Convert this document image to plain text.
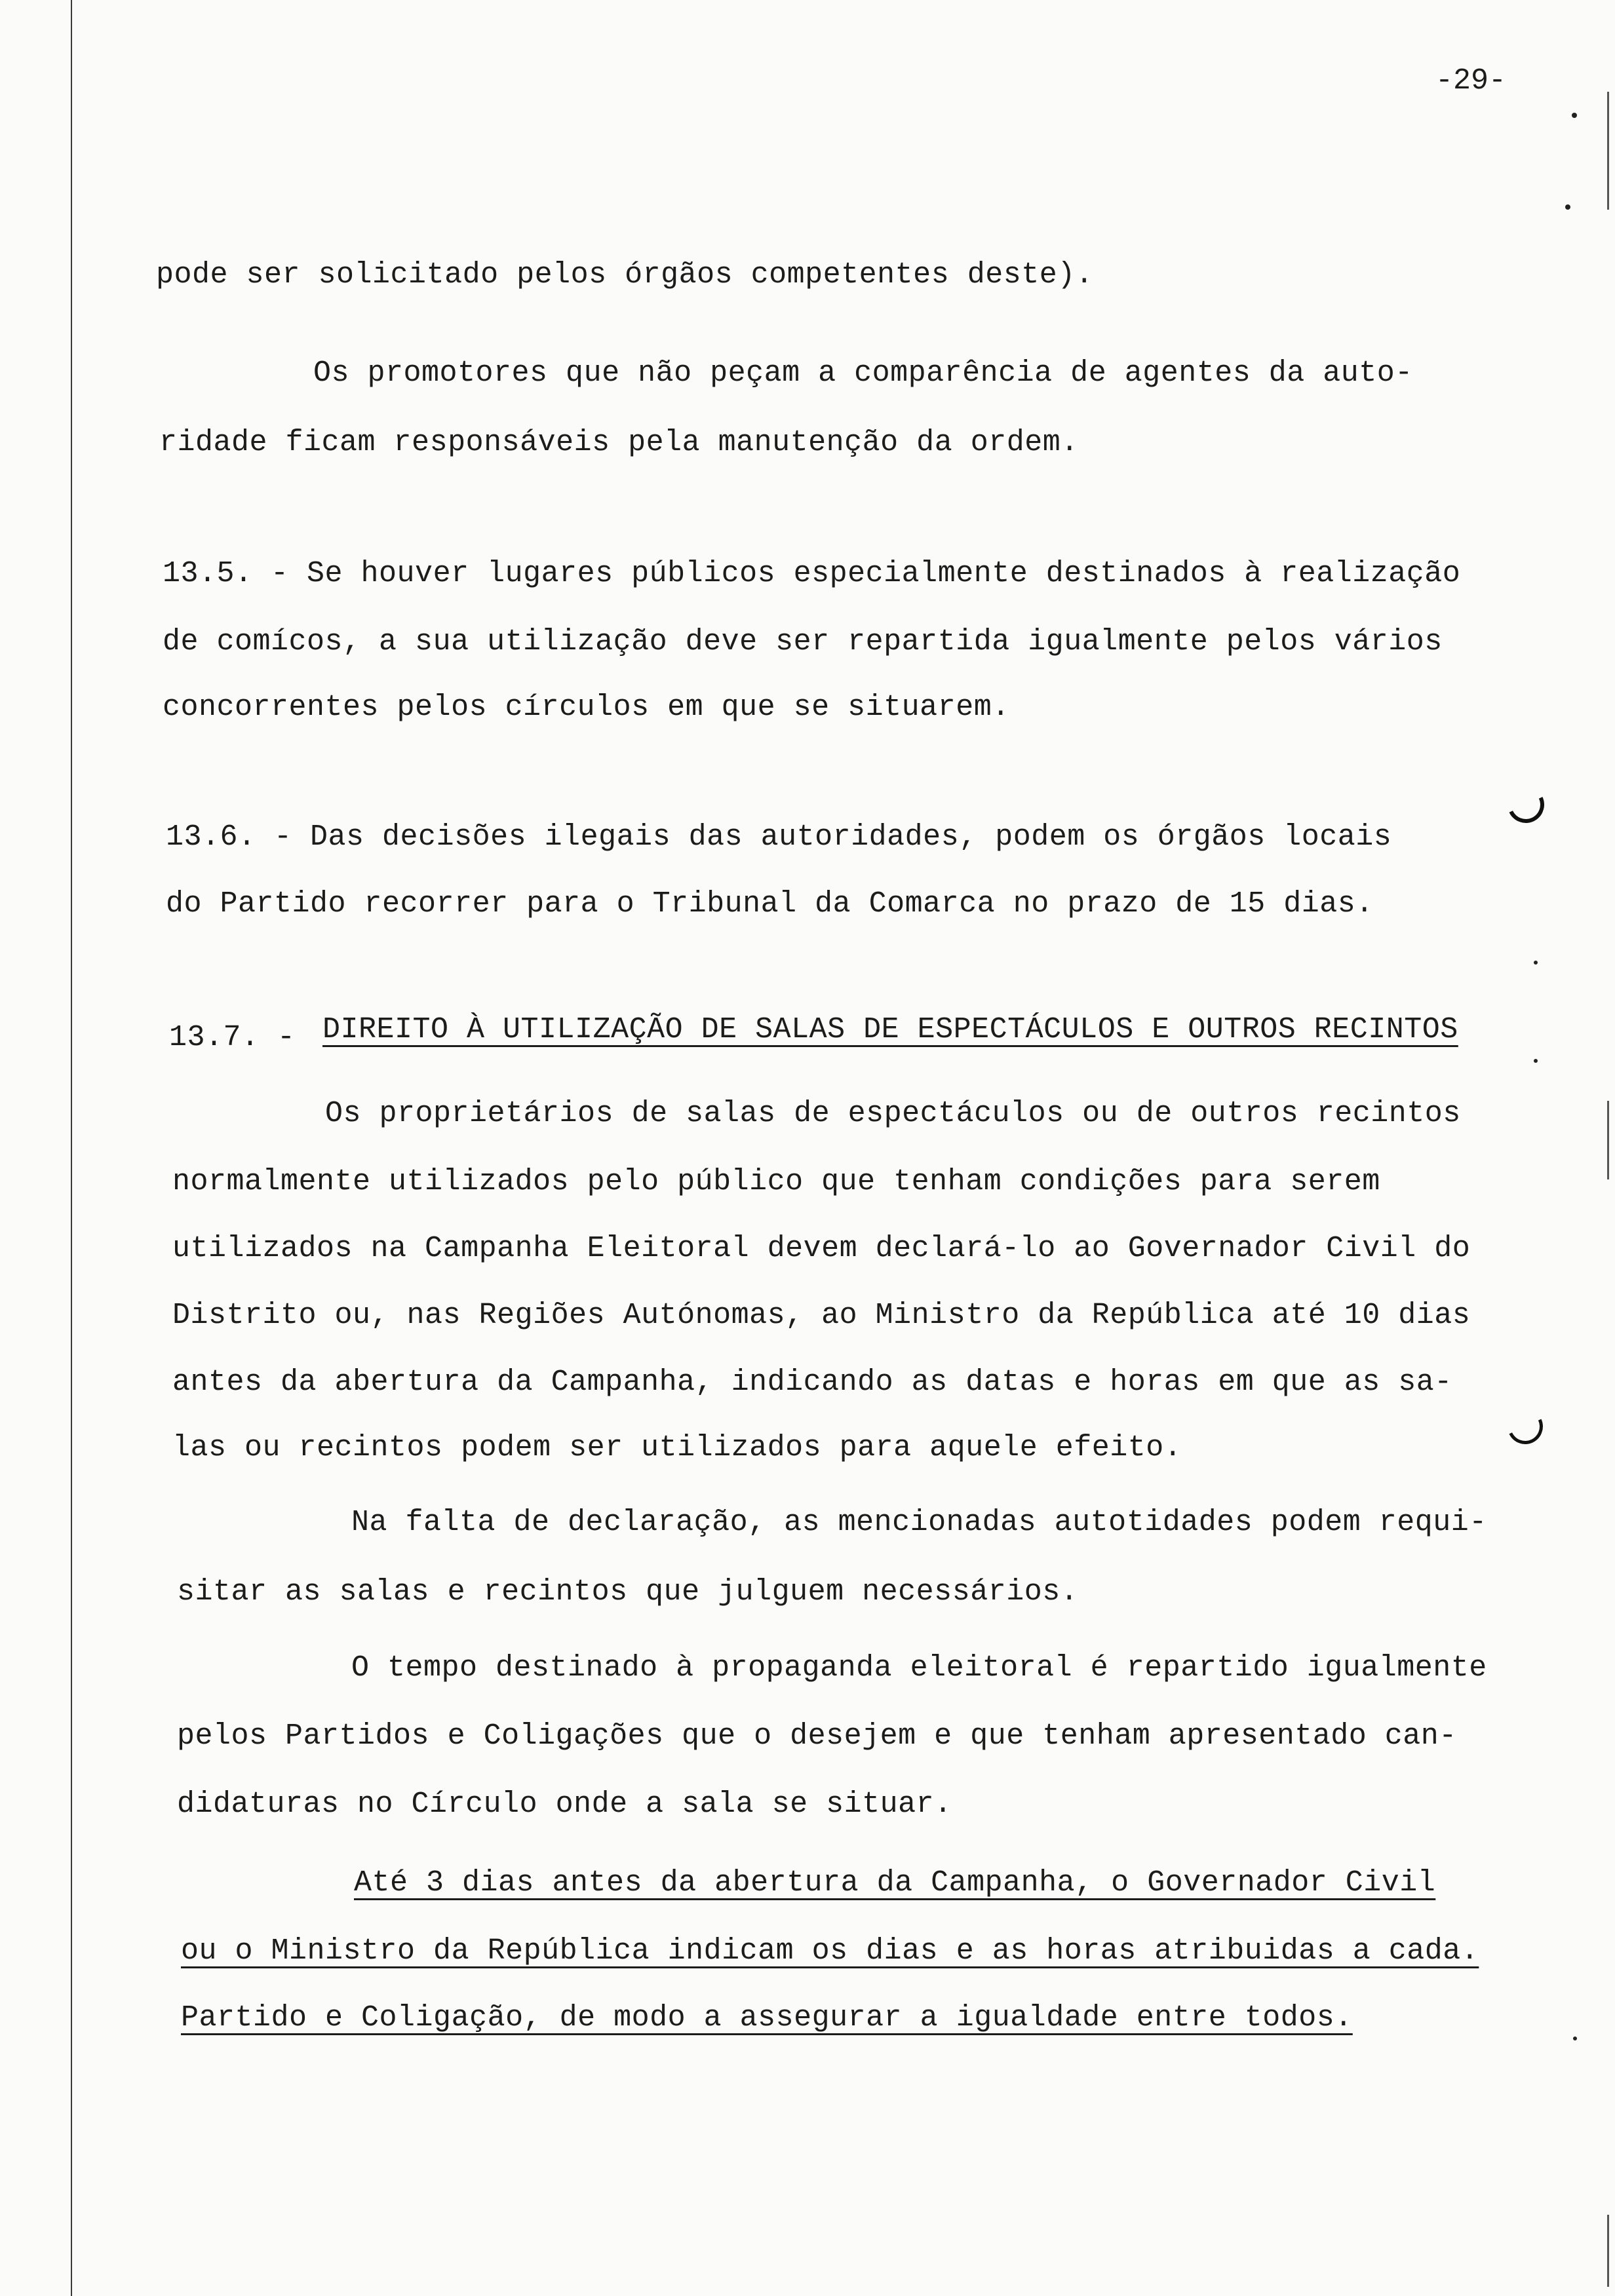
-29-
pode ser solicitado pelos órgãos competentes deste).
Os promotores que não peçam a comparência de agentes da auto-
ridade ficam responsáveis pela manutenção da ordem.
13.5. - Se houver lugares públicos especialmente destinados à realização
de comícos, a sua utilização deve ser repartida igualmente pelos vários
concorrentes pelos círculos em que se situarem.
13.6. - Das decisões ilegais das autoridades, podem os órgãos locais
do Partido recorrer para o Tribunal da Comarca no prazo de 15 dias.
13.7. - DIREITO À UTILIZAÇÃO DE SALAS DE ESPECTÁCULOS E OUTROS RECINTOS
Os proprietários de salas de espectáculos ou de outros recintos
normalmente utilizados pelo público que tenham condições para serem
utilizados na Campanha Eleitoral devem declará-lo ao Governador Civil do
Distrito ou, nas Regiões Autónomas, ao Ministro da República até 10 dias
antes da abertura da Campanha, indicando as datas e horas em que as sa-
las ou recintos podem ser utilizados para aquele efeito.
Na falta de declaração, as mencionadas autotidades podem requi-
sitar as salas e recintos que julguem necessários.
O tempo destinado à propaganda eleitoral é repartido igualmente
pelos Partidos e Coligações que o desejem e que tenham apresentado can-
didaturas no Círculo onde a sala se situar.
Até 3 dias antes da abertura da Campanha, o Governador Civil
ou o Ministro da República indicam os dias e as horas atribuidas a cada.
Partido e Coligação, de modo a assegurar a igualdade entre todos.
